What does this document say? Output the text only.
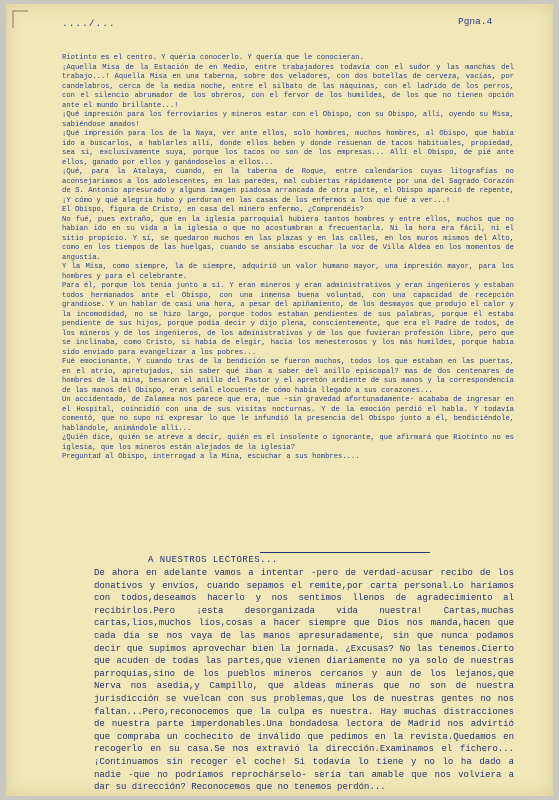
..../...	Pgna.4

Riotinto es el centro. Y quería conocerlo. Y quería que le conocieran.

¡Aquella Misa de la Estación de en Medio, entre trabajadores todavía con el sudor y las manchas del trabajo...! Aquella Misa en una taberna, sobre dos veladores, con dos botellas de cerveza, vacías, por candelabros, cerca de la media noche, entre el silbato de las máquinas, con el ladrido de los perros, con el silencio abrumador de los obreros, con el fervor de los humildes, de los que no tienen opción ante el mundo brillante...!

¡Qué impresión para los ferroviarios y mineros estar con el Obispo, con su Obispo, allí, oyendo su Misa, sabiéndose amados!

¡Qué impresión para los de la Naya, ver ante ellos, solo hombres, muchos hombres, al Obispo, que había ido a buscarlos, a hablarles allí, donde ellos beben y donde resuenan de tacos habituales, propiedad, sea sí, exclusivamente suya, porque los tacos no son de los empresas... Allí el Obispo, de pié ante ellos, ganado por ellos y ganándoselos a ellos...

¡Qué, para la Atalaya, cuando, en la taberna de Roque, entre calendarios cuyas litografías no aconsejaríamos a los adolescentes, en las paredes, mal cubiertas rápidamente por una del Sagrado Corazón de S. Antonio apresurado y alguna imagen piadosa arrancada de otra parte, el Obispo apareció de repente, ¡Y cómo y qué alegría hubo y perduran en las casas de los enfermos a los que fué a ver...!

El Obispo, figura de Cristo, en casa del minero enfermo. ¿Comprendéis?

No fué, pues extraño, que en la iglesia parroquial hubiera tantos hombres y entre ellos, muchos que no habían ido en su vida a la iglesia o que no acostumbran a frecuentarla. Ni la hora era fácil, ni el sitio propicio. Y sí, se quedaron muchos en las plazas y en las calles, en los muros mismos del Alto, como en los tiempos de las huelgas, cuando se ansiaba escuchar la voz de Villa Aldea en los momentos de angustia.

Y la Misa, como siempre, la de siempre, adquirió un valor humano mayor, una impresión mayor, para los hombres y para el celebrante.

Para él, porque los tenía junto a sí. Y eran mineros y eran administrativos y eran ingenieros y estaban todos hermanados ante el Obispo, con una inmensa buena voluntad, con una capacidad de recepción grandiose. Y un hablar de casi una hora, a pesar del apiñamiento, de los desmayos que produjo el calor y la incomodidad, no se hizo largo, porque todos estaban pendientes de sus palabras, porque él estaba pendiente de sus hijos, porque podía decir y dijo plena, conscientemente, que era el Padre de todos, de los mineros y de los ingenieros, de los administrativos y de los que fuvieran profesión libre, pero que se inclinaba, como Cristo, si había de elegir, hacia los menesterosos y los más humildes, porque había sido enviado para evangelizar a los pobres...

Fué emocionante. Y cuando tras de la bendición se fueron muchos, todos los que estaban en las puertas, en el atrio, apretujados, sin saber qué iban a saber del anillo episcopal? mas de dos centenares de hombres de la mina, besaron el anillo del Pastor y el apretón ardiente de sus manos y la correspondencia de las manos del Obispo, eran señal elocuente de cómo había llegado a sus corazones...

Un accidentado, de Zalamea nos parece que era, que -sin gravedad afortunadamente- acababa de ingresar en el Hospital, coincidió con una de sus visitas nocturnas. Y de la emoción perdió el habla. Y todavía comentó, que no supo ni expresar lo que le infundió la presencia del Obispo junto a él, bendiciéndole, hablándole, animándole allí...

¿Quién dice, quién se atreve a decir, quién es el insolente o ignorante, que afirmará que Riotinto no es iglesia, que los mineros están alejados de la iglesia?

Preguntad al Obispo, interrogad a la Mina, escuchar a sus hombres....

A NUESTROS LECTORES...

De ahora en adelante vamos a intentar -pero de verdad-acusar recibo de los donativos y envíos, cuando sepamos el remite,por carta personal.Lo haríamos con todos,deseamos hacerlo y nos sentimos llenos de agradecimiento al recibirlos.Pero ¡esta desorganizada vida nuestra! Cartas,muchas cartas,líos,muchos líos,cosas a hacer siempre que Dios nos manda,hacen que cada día se nos vaya de las manos apresuradamente, sin que nunca podamos decir que supimos aprovechar bien la jornada. ¿Excusas? No las tenemos.Cierto que acuden de todas las partes,que vienen diariamente no ya solo de nuestras parroquias,sino de los pueblos mineros cercanos y aun de los lejanos,que Nerva nos asedia,y Campillo, que aldeas mineras que no son de nuestra jurisdicción se vuelcan con sus problemas,que los de nuestras gentes no nos faltan...Pero,reconocemos que la culpa es nuestra. Hay muchas distracciones de nuestra parte imperdonables.Una bondadosa lectora de Madrid nos advirtió que compraba un cochecito de inválido que pedimos en la revista.Quedamos en recogerlo en su casa.Se nos extravió la dirección.Examinamos el fichero... ¡Continuamos sin recoger el coche! Si todavía lo tiene y no lo ha dado a nadie -que no podríamos reprochárselo- sería tan amable que nos volviera a dar su dirección? Reconocemos que no tenemos perdón...
